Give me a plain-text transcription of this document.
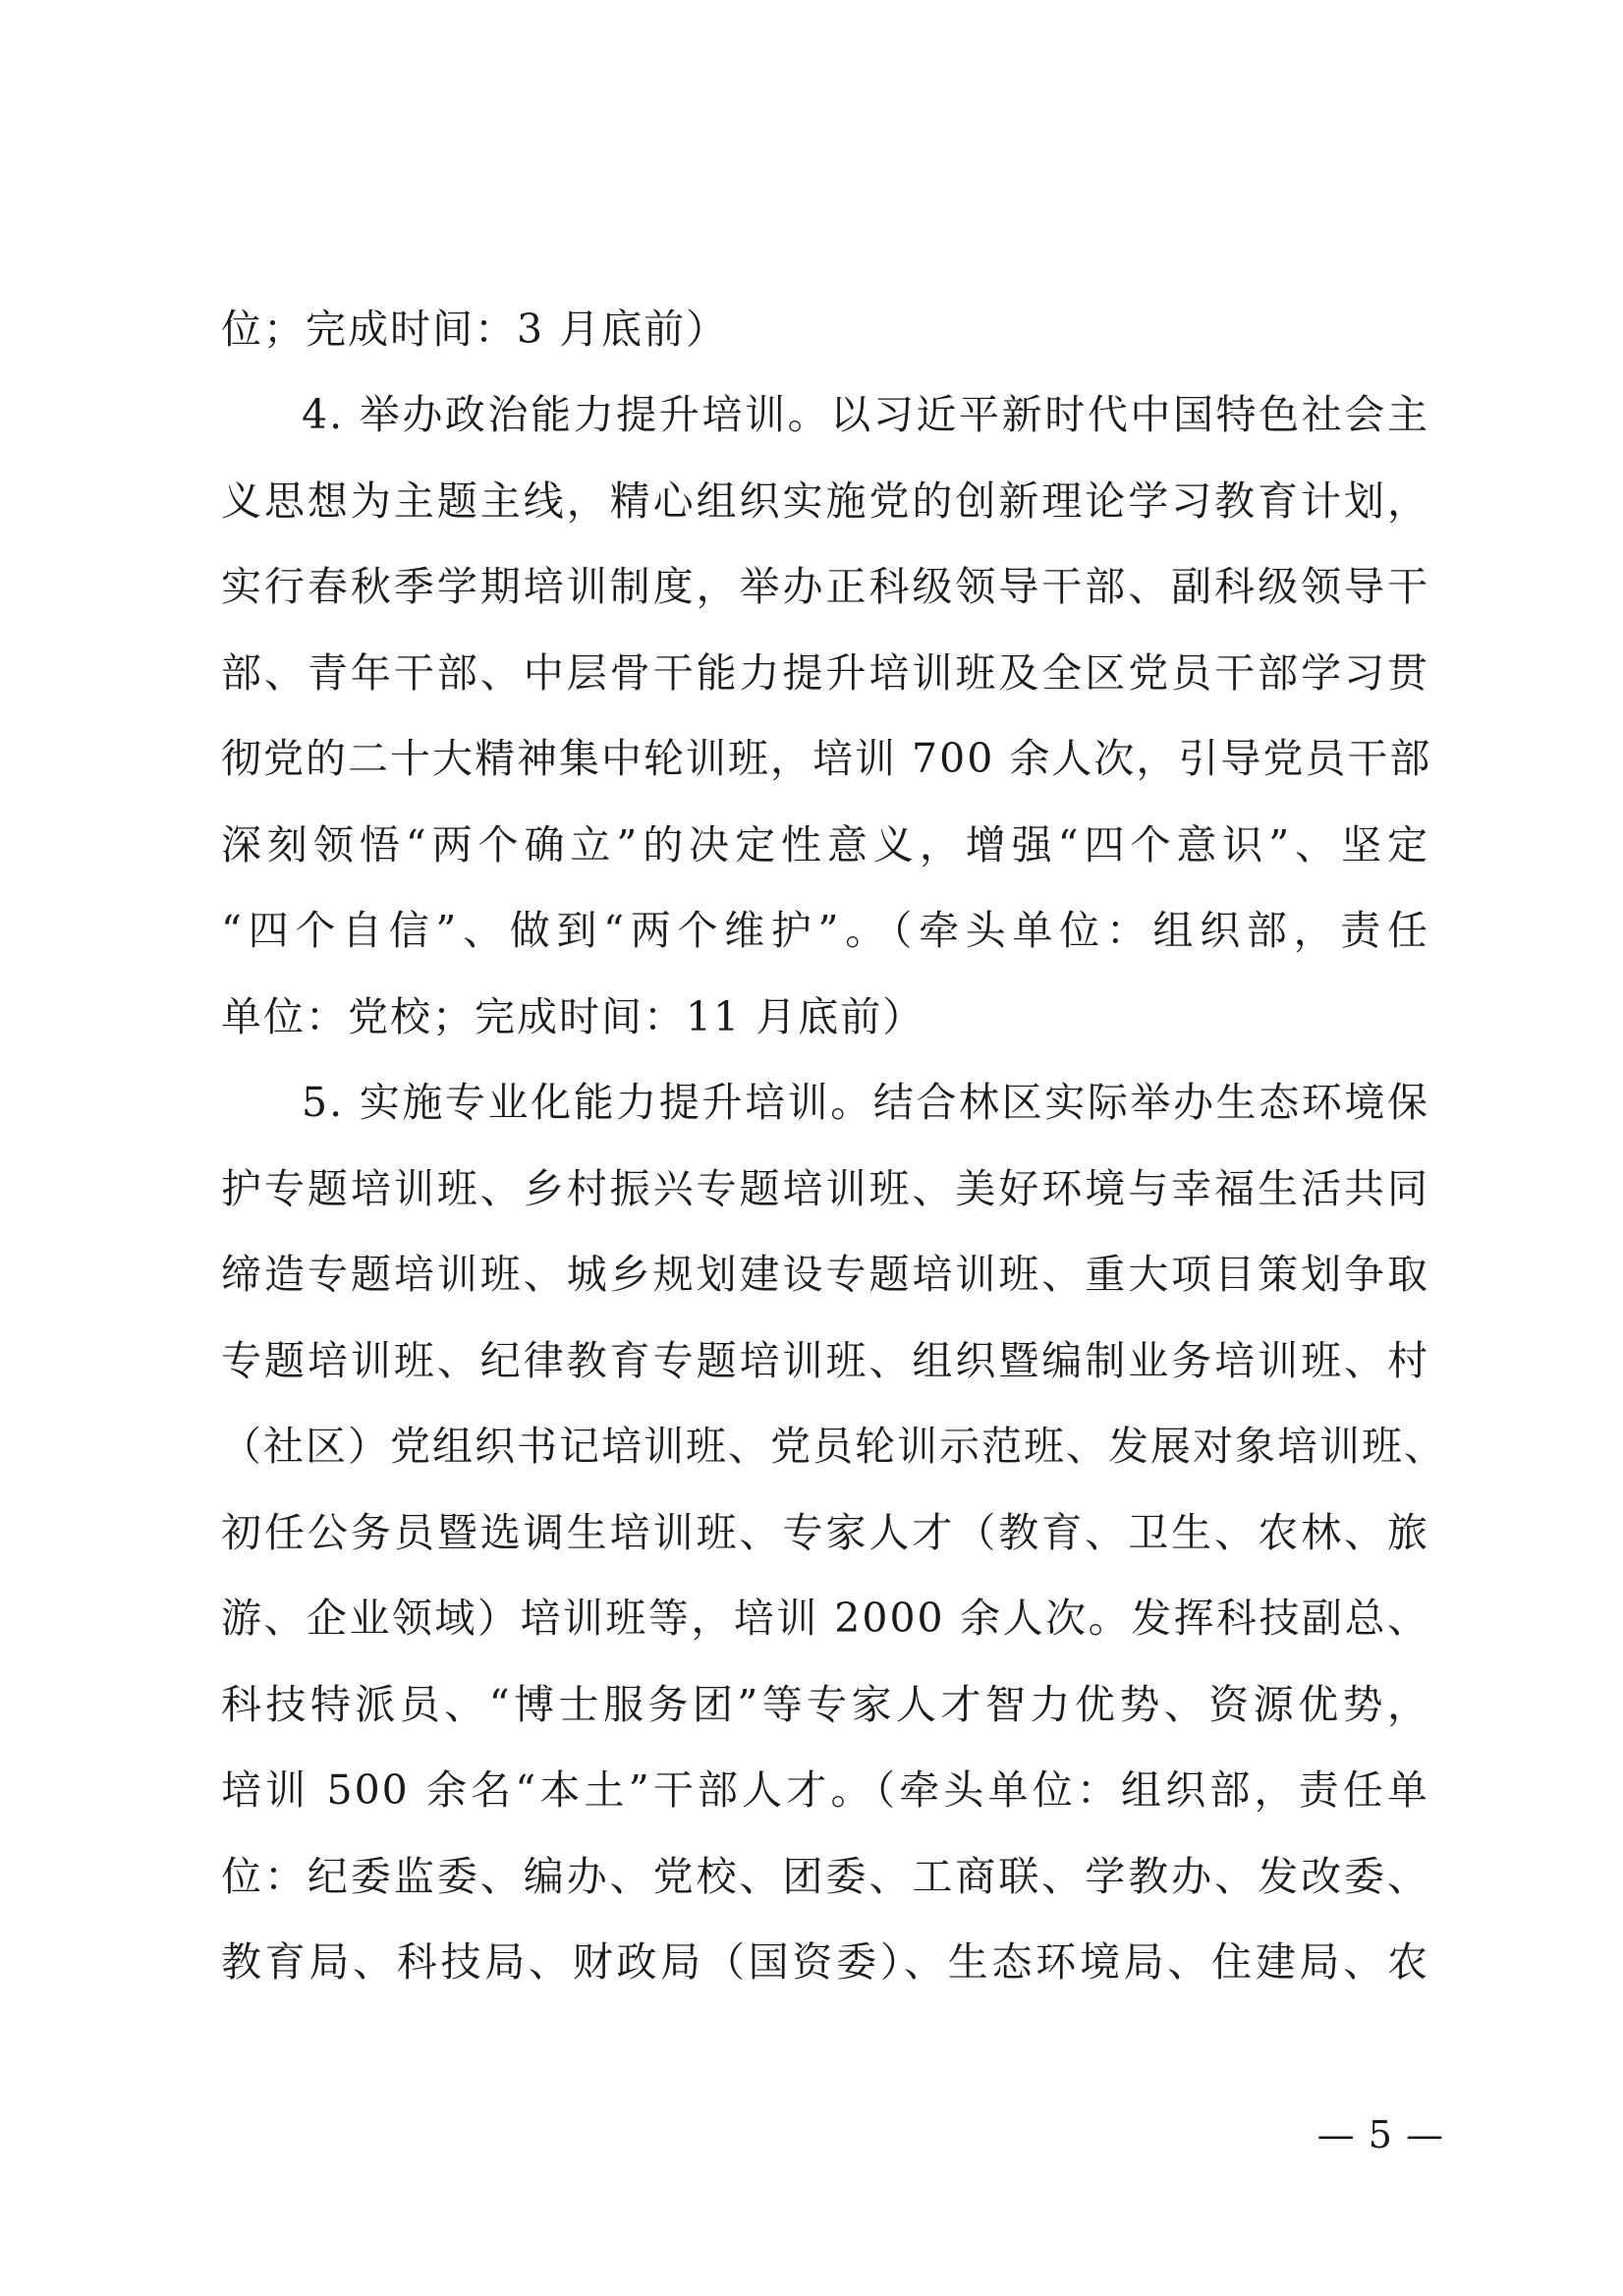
位；完成时间：3 月底前）
4. 举办政治能力提升培训。以习近平新时代中国特色社会主
义思想为主题主线，精心组织实施党的创新理论学习教育计划，
实行春秋季学期培训制度，举办正科级领导干部、副科级领导干
部、青年干部、中层骨干能力提升培训班及全区党员干部学习贯
彻党的二十大精神集中轮训班，培训 700 余人次，引导党员干部
深刻领悟“两个确立”的决定性意义，增强“四个意识”、坚定
“四个自信”、做到“两个维护”。（牵头单位：组织部，责任
单位：党校；完成时间：11 月底前）
5. 实施专业化能力提升培训。结合林区实际举办生态环境保
护专题培训班、乡村振兴专题培训班、美好环境与幸福生活共同
缔造专题培训班、城乡规划建设专题培训班、重大项目策划争取
专题培训班、纪律教育专题培训班、组织暨编制业务培训班、村
（社区）党组织书记培训班、党员轮训示范班、发展对象培训班、
初任公务员暨选调生培训班、专家人才（教育、卫生、农林、旅
游、企业领域）培训班等，培训 2000 余人次。发挥科技副总、
科技特派员、“博士服务团”等专家人才智力优势、资源优势，
培训 500 余名“本土”干部人才。（牵头单位：组织部，责任单
位：纪委监委、编办、党校、团委、工商联、学教办、发改委、
教育局、科技局、财政局（国资委）、生态环境局、住建局、农
— 5 —
